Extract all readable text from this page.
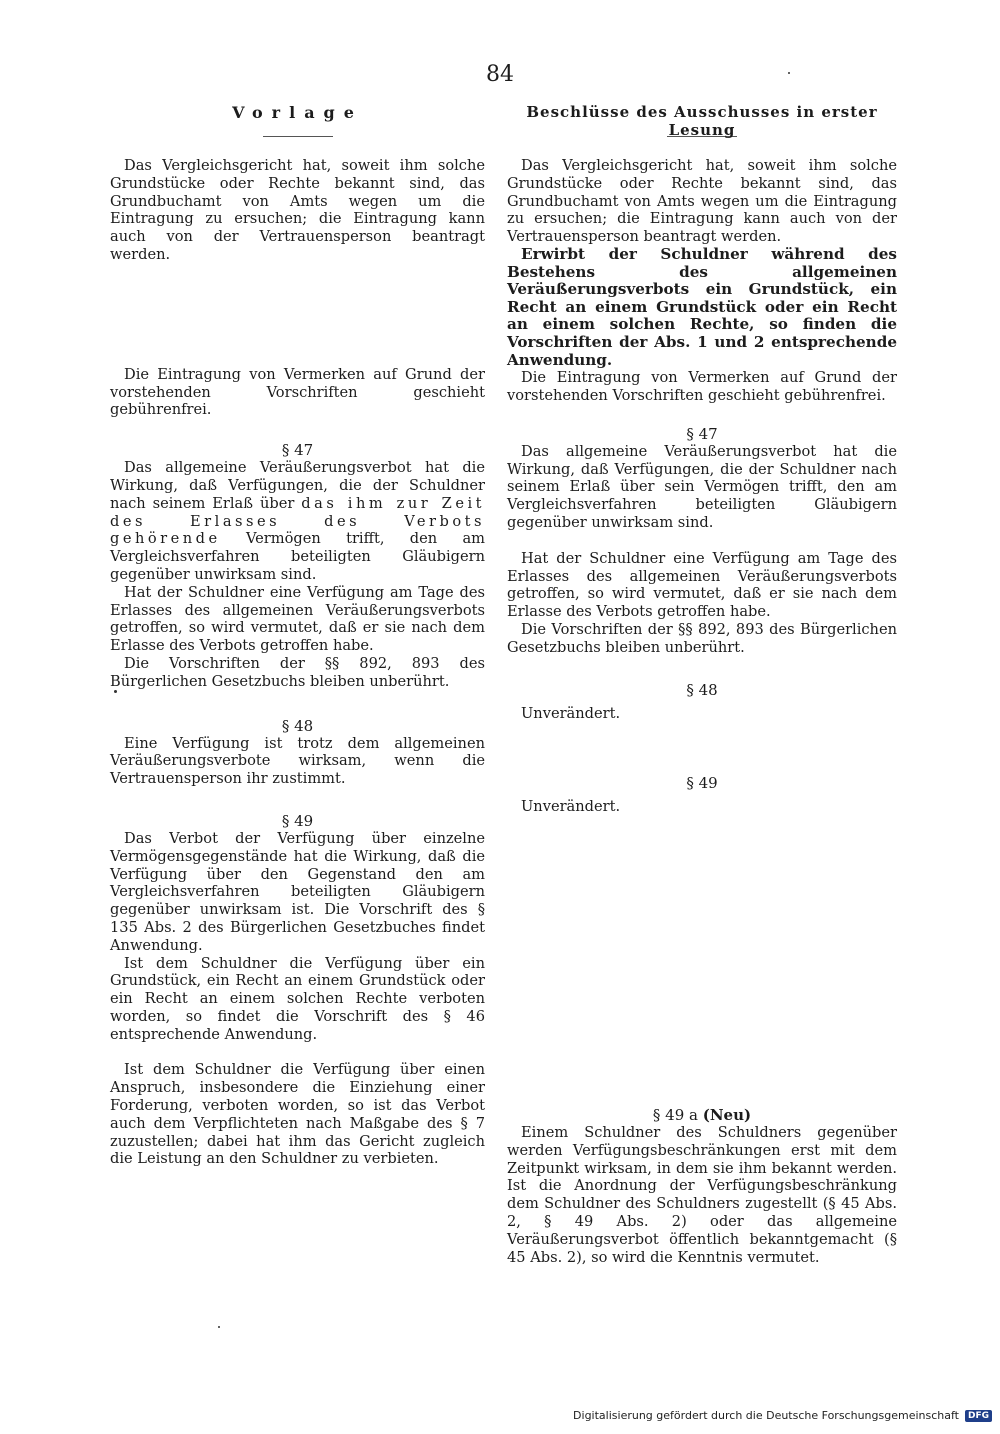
84
Vorlage

Das Vergleichsgericht hat, soweit ihm solche Grundstücke oder Rechte bekannt sind, das Grundbuchamt von Amts wegen um die Eintragung zu ersuchen; die Eintragung kann auch von der Vertrauensperson beantragt werden.

Die Eintragung von Vermerken auf Grund der vorstehenden Vorschriften geschieht gebührenfrei.

§ 47

Das allgemeine Veräußerungsverbot hat die Wirkung, daß Verfügungen, die der Schuldner nach seinem Erlaß über das ihm zur Zeit des Erlasses des Verbots gehörende Vermögen trifft, den am Vergleichsverfahren beteiligten Gläubigern gegenüber unwirksam sind.

Hat der Schuldner eine Verfügung am Tage des Erlasses des allgemeinen Veräußerungsverbots getroffen, so wird vermutet, daß er sie nach dem Erlasse des Verbots getroffen habe.

Die Vorschriften der §§ 892, 893 des Bürgerlichen Gesetzbuchs bleiben unberührt.

§ 48

Eine Verfügung ist trotz dem allgemeinen Veräußerungsverbote wirksam, wenn die Vertrauensperson ihr zustimmt.

§ 49

Das Verbot der Verfügung über einzelne Vermögensgegenstände hat die Wirkung, daß die Verfügung über den Gegenstand den am Vergleichsverfahren beteiligten Gläubigern gegenüber unwirksam ist. Die Vorschrift des § 135 Abs. 2 des Bürgerlichen Gesetzbuches findet Anwendung.

Ist dem Schuldner die Verfügung über ein Grundstück, ein Recht an einem Grundstück oder ein Recht an einem solchen Rechte verboten worden, so findet die Vorschrift des § 46 entsprechende Anwendung.

Ist dem Schuldner die Verfügung über einen Anspruch, insbesondere die Einziehung einer Forderung, verboten worden, so ist das Verbot auch dem Verpflichteten nach Maßgabe des § 7 zuzustellen; dabei hat ihm das Gericht zugleich die Leistung an den Schuldner zu verbieten.

Beschlüsse des Ausschusses in erster Lesung

Das Vergleichsgericht hat, soweit ihm solche Grundstücke oder Rechte bekannt sind, das Grundbuchamt von Amts wegen um die Eintragung zu ersuchen; die Eintragung kann auch von der Vertrauensperson beantragt werden.

Erwirbt der Schuldner während des Bestehens des allgemeinen Veräußerungsverbots ein Grundstück, ein Recht an einem Grundstück oder ein Recht an einem solchen Rechte, so finden die Vorschriften der Abs. 1 und 2 entsprechende Anwendung.

Die Eintragung von Vermerken auf Grund der vorstehenden Vorschriften geschieht gebührenfrei.

§ 47

Das allgemeine Veräußerungsverbot hat die Wirkung, daß Verfügungen, die der Schuldner nach seinem Erlaß über sein Vermögen trifft, den am Vergleichsverfahren beteiligten Gläubigern gegenüber unwirksam sind.

Hat der Schuldner eine Verfügung am Tage des Erlasses des allgemeinen Veräußerungsverbots getroffen, so wird vermutet, daß er sie nach dem Erlasse des Verbots getroffen habe.

Die Vorschriften der §§ 892, 893 des Bürgerlichen Gesetzbuchs bleiben unberührt.

§ 48

Unverändert.

§ 49

Unverändert.

§ 49 a (Neu)

Einem Schuldner des Schuldners gegenüber werden Verfügungsbeschränkungen erst mit dem Zeitpunkt wirksam, in dem sie ihm bekannt werden. Ist die Anordnung der Verfügungsbeschränkung dem Schuldner des Schuldners zugestellt (§ 45 Abs. 2, § 49 Abs. 2) oder das allgemeine Veräußerungsverbot öffentlich bekanntgemacht (§ 45 Abs. 2), so wird die Kenntnis vermutet.

Digitalisierung gefördert durch die Deutsche Forschungsgemeinschaft	DFG
